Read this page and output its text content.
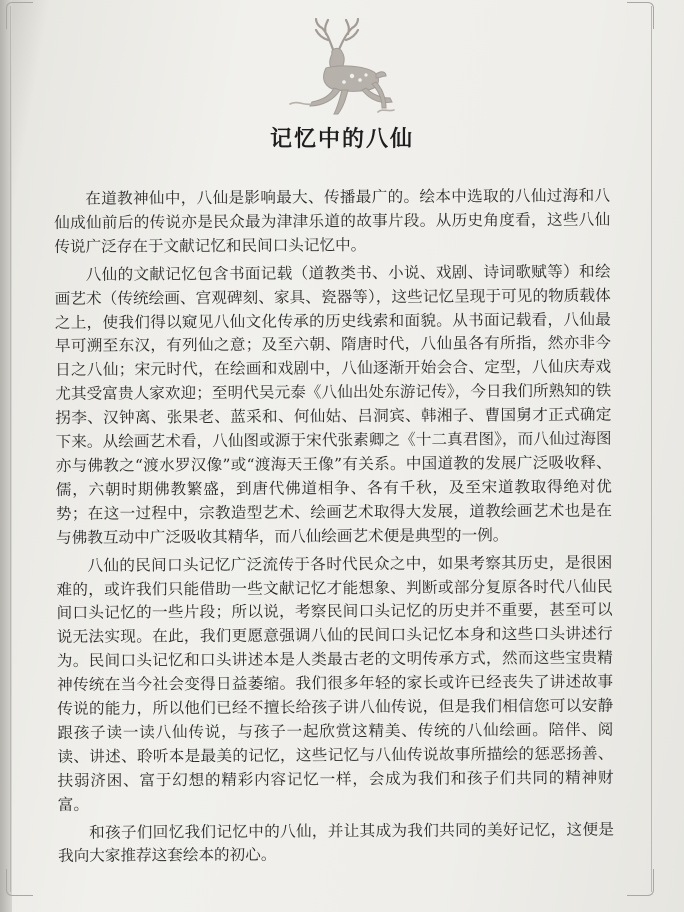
记忆中的八仙

在道教神仙中，八仙是影响最大、传播最广的。绘本中选取的八仙过海和八仙成仙前后的传说亦是民众最为津津乐道的故事片段。从历史角度看，这些八仙传说广泛存在于文献记忆和民间口头记忆中。

八仙的文献记忆包含书面记载（道教类书、小说、戏剧、诗词歌赋等）和绘画艺术（传统绘画、宫观碑刻、家具、瓷器等），这些记忆呈现于可见的物质载体之上，使我们得以窥见八仙文化传承的历史线索和面貌。从书面记载看，八仙最早可溯至东汉，有列仙之意；及至六朝、隋唐时代，八仙虽各有所指，然亦非今日之八仙；宋元时代，在绘画和戏剧中，八仙逐渐开始会合、定型，八仙庆寿戏尤其受富贵人家欢迎；至明代吴元泰《八仙出处东游记传》，今日我们所熟知的铁拐李、汉钟离、张果老、蓝采和、何仙姑、吕洞宾、韩湘子、曹国舅才正式确定下来。从绘画艺术看，八仙图或源于宋代张素卿之《十二真君图》，而八仙过海图亦与佛教之“渡水罗汉像”或“渡海天王像”有关系。中国道教的发展广泛吸收释、儒，六朝时期佛教繁盛，到唐代佛道相争、各有千秋，及至宋道教取得绝对优势；在这一过程中，宗教造型艺术、绘画艺术取得大发展，道教绘画艺术也是在与佛教互动中广泛吸收其精华，而八仙绘画艺术便是典型的一例。

八仙的民间口头记忆广泛流传于各时代民众之中，如果考察其历史，是很困难的，或许我们只能借助一些文献记忆才能想象、判断或部分复原各时代八仙民间口头记忆的一些片段；所以说，考察民间口头记忆的历史并不重要，甚至可以说无法实现。在此，我们更愿意强调八仙的民间口头记忆本身和这些口头讲述行为。民间口头记忆和口头讲述本是人类最古老的文明传承方式，然而这些宝贵精神传统在当今社会变得日益萎缩。我们很多年轻的家长或许已经丧失了讲述故事传说的能力，所以他们已经不擅长给孩子讲八仙传说，但是我们相信您可以安静跟孩子读一读八仙传说，与孩子一起欣赏这精美、传统的八仙绘画。陪伴、阅读、讲述、聆听本是最美的记忆，这些记忆与八仙传说故事所描绘的惩恶扬善、扶弱济困、富于幻想的精彩内容记忆一样，会成为我们和孩子们共同的精神财富。

和孩子们回忆我们记忆中的八仙，并让其成为我们共同的美好记忆，这便是我向大家推荐这套绘本的初心。
